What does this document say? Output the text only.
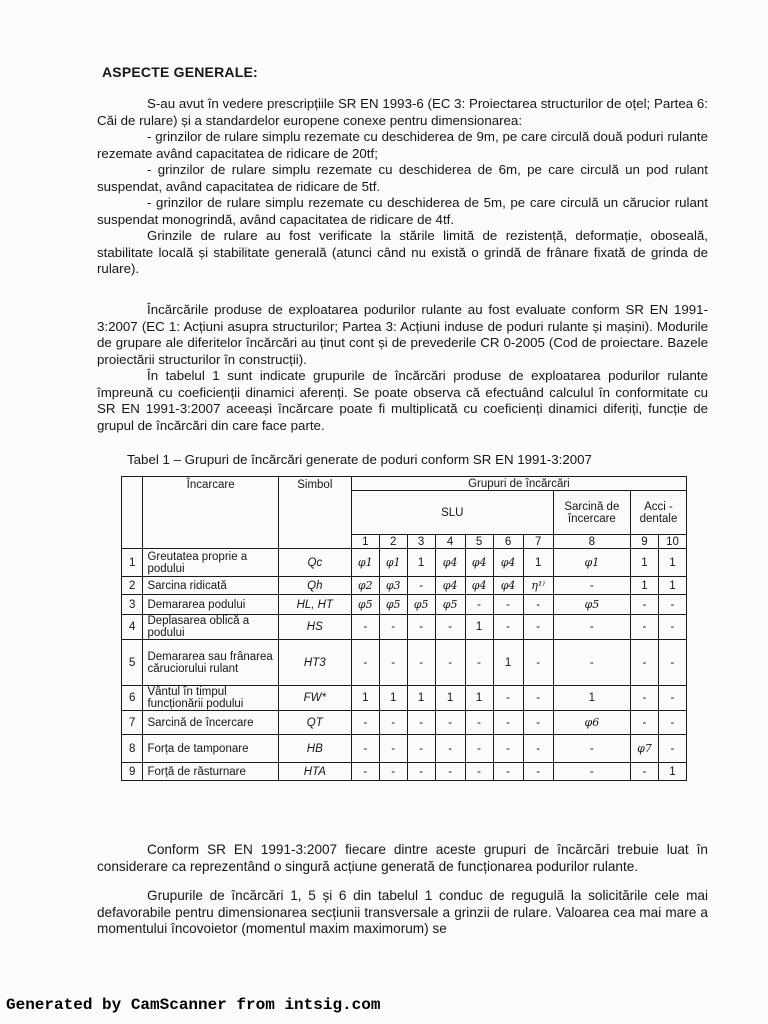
ASPECTE GENERALE:

S-au avut în vedere prescripțiile SR EN 1993-6 (EC 3: Proiectarea structurilor de oțel; Partea 6: Căi de rulare) și a standardelor europene conexe pentru dimensionarea:

- grinzilor de rulare simplu rezemate cu deschiderea de 9m, pe care circulă două poduri rulante rezemate având capacitatea de ridicare de 20tf;

- grinzilor de rulare simplu rezemate cu deschiderea de 6m, pe care circulă un pod rulant suspendat, având capacitatea de ridicare de 5tf.

- grinzilor de rulare simplu rezemate cu deschiderea de 5m, pe care circulă un cărucior rulant suspendat monogrindă, având capacitatea de ridicare de 4tf.

Grinzile de rulare au fost verificate la stările limită de rezistență, deformație, oboseală, stabilitate locală și stabilitate generală (atunci când nu există o grindă de frânare fixată de grinda de rulare).

Încărcările produse de exploatarea podurilor rulante au fost evaluate conform SR EN 1991-3:2007 (EC 1: Acțiuni asupra structurilor; Partea 3: Acțiuni induse de poduri rulante și mașini). Modurile de grupare ale diferitelor încărcări au ținut cont și de prevederile CR 0-2005 (Cod de proiectare. Bazele proiectării structurilor în construcții).

În tabelul 1 sunt indicate grupurile de încărcări produse de exploatarea podurilor rulante împreună cu coeficienții dinamici aferenți. Se poate observa că efectuând calculul în conformitate cu SR EN 1991-3:2007 aceeași încărcare poate fi multiplicată cu coeficienți dinamici diferiți, funcție de grupul de încărcări din care face parte.

Tabel 1 – Grupuri de încărcări generate de poduri conform SR EN 1991-3:2007
	Încarcare	Simbol	Grupuri de încărcări									
			SLU							Sarcină de încercare	Acci - dentale	
			1	2	3	4	5	6	7	8	9	10
1	Greutatea proprie a podului	Qc	φ1	φ1	1	φ4	φ4	φ4	1	φ1	1	1
2	Sarcina ridicată	Qh	φ2	φ3	-	φ4	φ4	φ4	η¹⁾	-	1	1
3	Demararea podului	HL, HT	φ5	φ5	φ5	φ5	-	-	-	φ5	-	-
4	Deplasarea oblică a podului	HS	-	-	-	-	1	-	-	-	-	-
5	Demararea sau frânarea căruciorului rulant	HT3	-	-	-	-	-	1	-	-	-	-
6	Vântul în timpul funcționării podului	FW*	1	1	1	1	1	-	-	1	-	-
7	Sarcină de încercare	QT	-	-	-	-	-	-	-	φ6	-	-
8	Forța de tamponare	HB	-	-	-	-	-	-	-	-	φ7	-
9	Forță de răsturnare	HTA	-	-	-	-	-	-	-	-	-	1

Conform SR EN 1991-3:2007 fiecare dintre aceste grupuri de încărcări trebuie luat în considerare ca reprezentând o singură acțiune generată de funcționarea podurilor rulante.

Grupurile de încărcări 1, 5 și 6 din tabelul 1 conduc de regugulă la solicitările cele mai defavorabile pentru dimensionarea secțiunii transversale a grinzii de rulare. Valoarea cea mai mare a momentului încovoietor (momentul maxim maximorum) se

Generated by CamScanner from intsig.com
